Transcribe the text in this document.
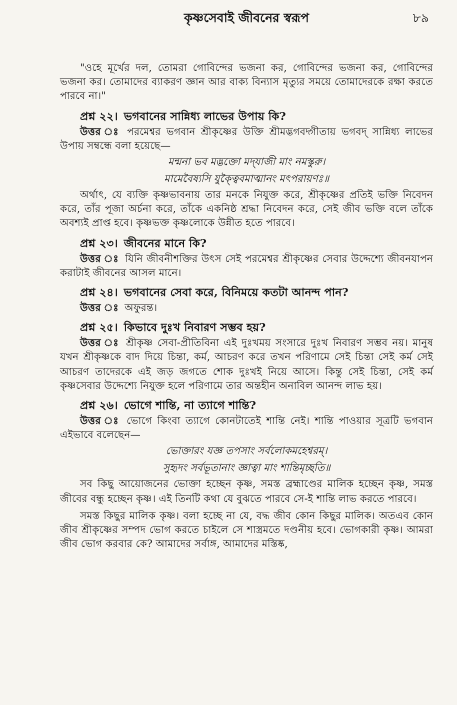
কৃষ্ণসেবাই জীবনের স্বরূপ	৮৯

"ওহে মূর্খের দল, তোমরা গোবিন্দের ভজনা কর, গোবিন্দের ভজনা কর, গোবিন্দের ভজনা কর। তোমাদের ব্যাকরণ জ্ঞান আর বাক্য বিন্যাস মৃত্যুর সময়ে তোমাদেরকে রক্ষা করতে পারবে না।"

প্রশ্ন ২২। ভগবানের সান্নিধ্য লাভের উপায় কি?

উত্তর ঃ পরমেশ্বর ভগবান শ্রীকৃষ্ণের উক্তি শ্রীমদ্ভগবদ্গীতায় ভগবদ্ সান্নিধ্য লাভের উপায় সম্বন্ধে বলা হয়েছে—

মন্মনা ভব মদ্ভক্তো মদ্‌যাজী মাং নমস্কুরু।
মামেবৈষ্যসি যুক্ত্বৈবমাত্মানং মৎপরায়ণঃ॥

অর্থাৎ, যে ব্যক্তি কৃষ্ণভাবনায় তার মনকে নিযুক্ত করে, শ্রীকৃষ্ণের প্রতিই ভক্তি নিবেদন করে, তাঁর পূজা অর্চনা করে, তাঁকে একনিষ্ঠ শ্রদ্ধা নিবেদন করে, সেই জীব ভক্তি বলে তাঁকে অবশ্যই প্রাপ্ত হবে। কৃষ্ণভক্ত কৃষ্ণলোকে উন্নীত হতে পারবে।

প্রশ্ন ২৩। জীবনের মানে কি?

উত্তর ঃ যিনি জীবনীশক্তির উৎস সেই পরমেশ্বর শ্রীকৃষ্ণের সেবার উদ্দেশ্যে জীবনযাপন করাটাই জীবনের আসল মানে।

প্রশ্ন ২৪। ভগবানের সেবা করে, বিনিময়ে কতটা আনন্দ পান?

উত্তর ঃ অফুরন্ত।

প্রশ্ন ২৫। কিভাবে দুঃখ নিবারণ সম্ভব হয়?

উত্তর ঃ শ্রীকৃষ্ণ সেবা-প্রীতিবিনা এই দুঃখময় সংসারে দুঃখ নিবারণ সম্ভব নয়। মানুষ যখন শ্রীকৃষ্ণকে বাদ দিয়ে চিন্তা, কর্ম, আচরণ করে তখন পরিণামে সেই চিন্তা সেই কর্ম সেই আচরণ তাদেরকে এই জড় জগতে শোক দুঃখই নিয়ে আসে। কিন্তু সেই চিন্তা, সেই কর্ম কৃষ্ণসেবার উদ্দেশ্যে নিযুক্ত হলে পরিণামে তার অন্তহীন অনাবিল আনন্দ লাভ হয়।

প্রশ্ন ২৬। ভোগে শান্তি, না ত্যাগে শান্তি?

উত্তর ঃ ভোগে কিংবা ত্যাগে কোনটাতেই শান্তি নেই। শান্তি পাওয়ার সূত্রটি ভগবান এইভাবে বলেছেন—

ভোক্তারং যজ্ঞ তপসাং সর্বলোকমহেশ্বরম্।
সুহৃদং সর্বভূতানাং জ্ঞাত্বা মাং শান্তিমৃচ্ছতি॥

সব কিছু আয়োজনের ভোক্তা হচ্ছেন কৃষ্ণ, সমস্ত ব্রহ্মাণ্ডের মালিক হচ্ছেন কৃষ্ণ, সমস্ত জীবের বন্ধু হচ্ছেন কৃষ্ণ। এই তিনটি কথা যে বুঝতে পারবে সে-ই শান্তি লাভ করতে পারবে।

সমস্ত কিছুর মালিক কৃষ্ণ। বলা হচ্ছে না যে, বদ্ধ জীব কোন কিছুর মালিক। অতএব কোন জীব শ্রীকৃষ্ণের সম্পদ ভোগ করতে চাইলে সে শাস্ত্রমতে দণ্ডনীয় হবে। ভোগকারী কৃষ্ণ। আমরা জীব ভোগ করবার কে? আমাদের সর্বাঙ্গ, আমাদের মস্তিষ্ক,
